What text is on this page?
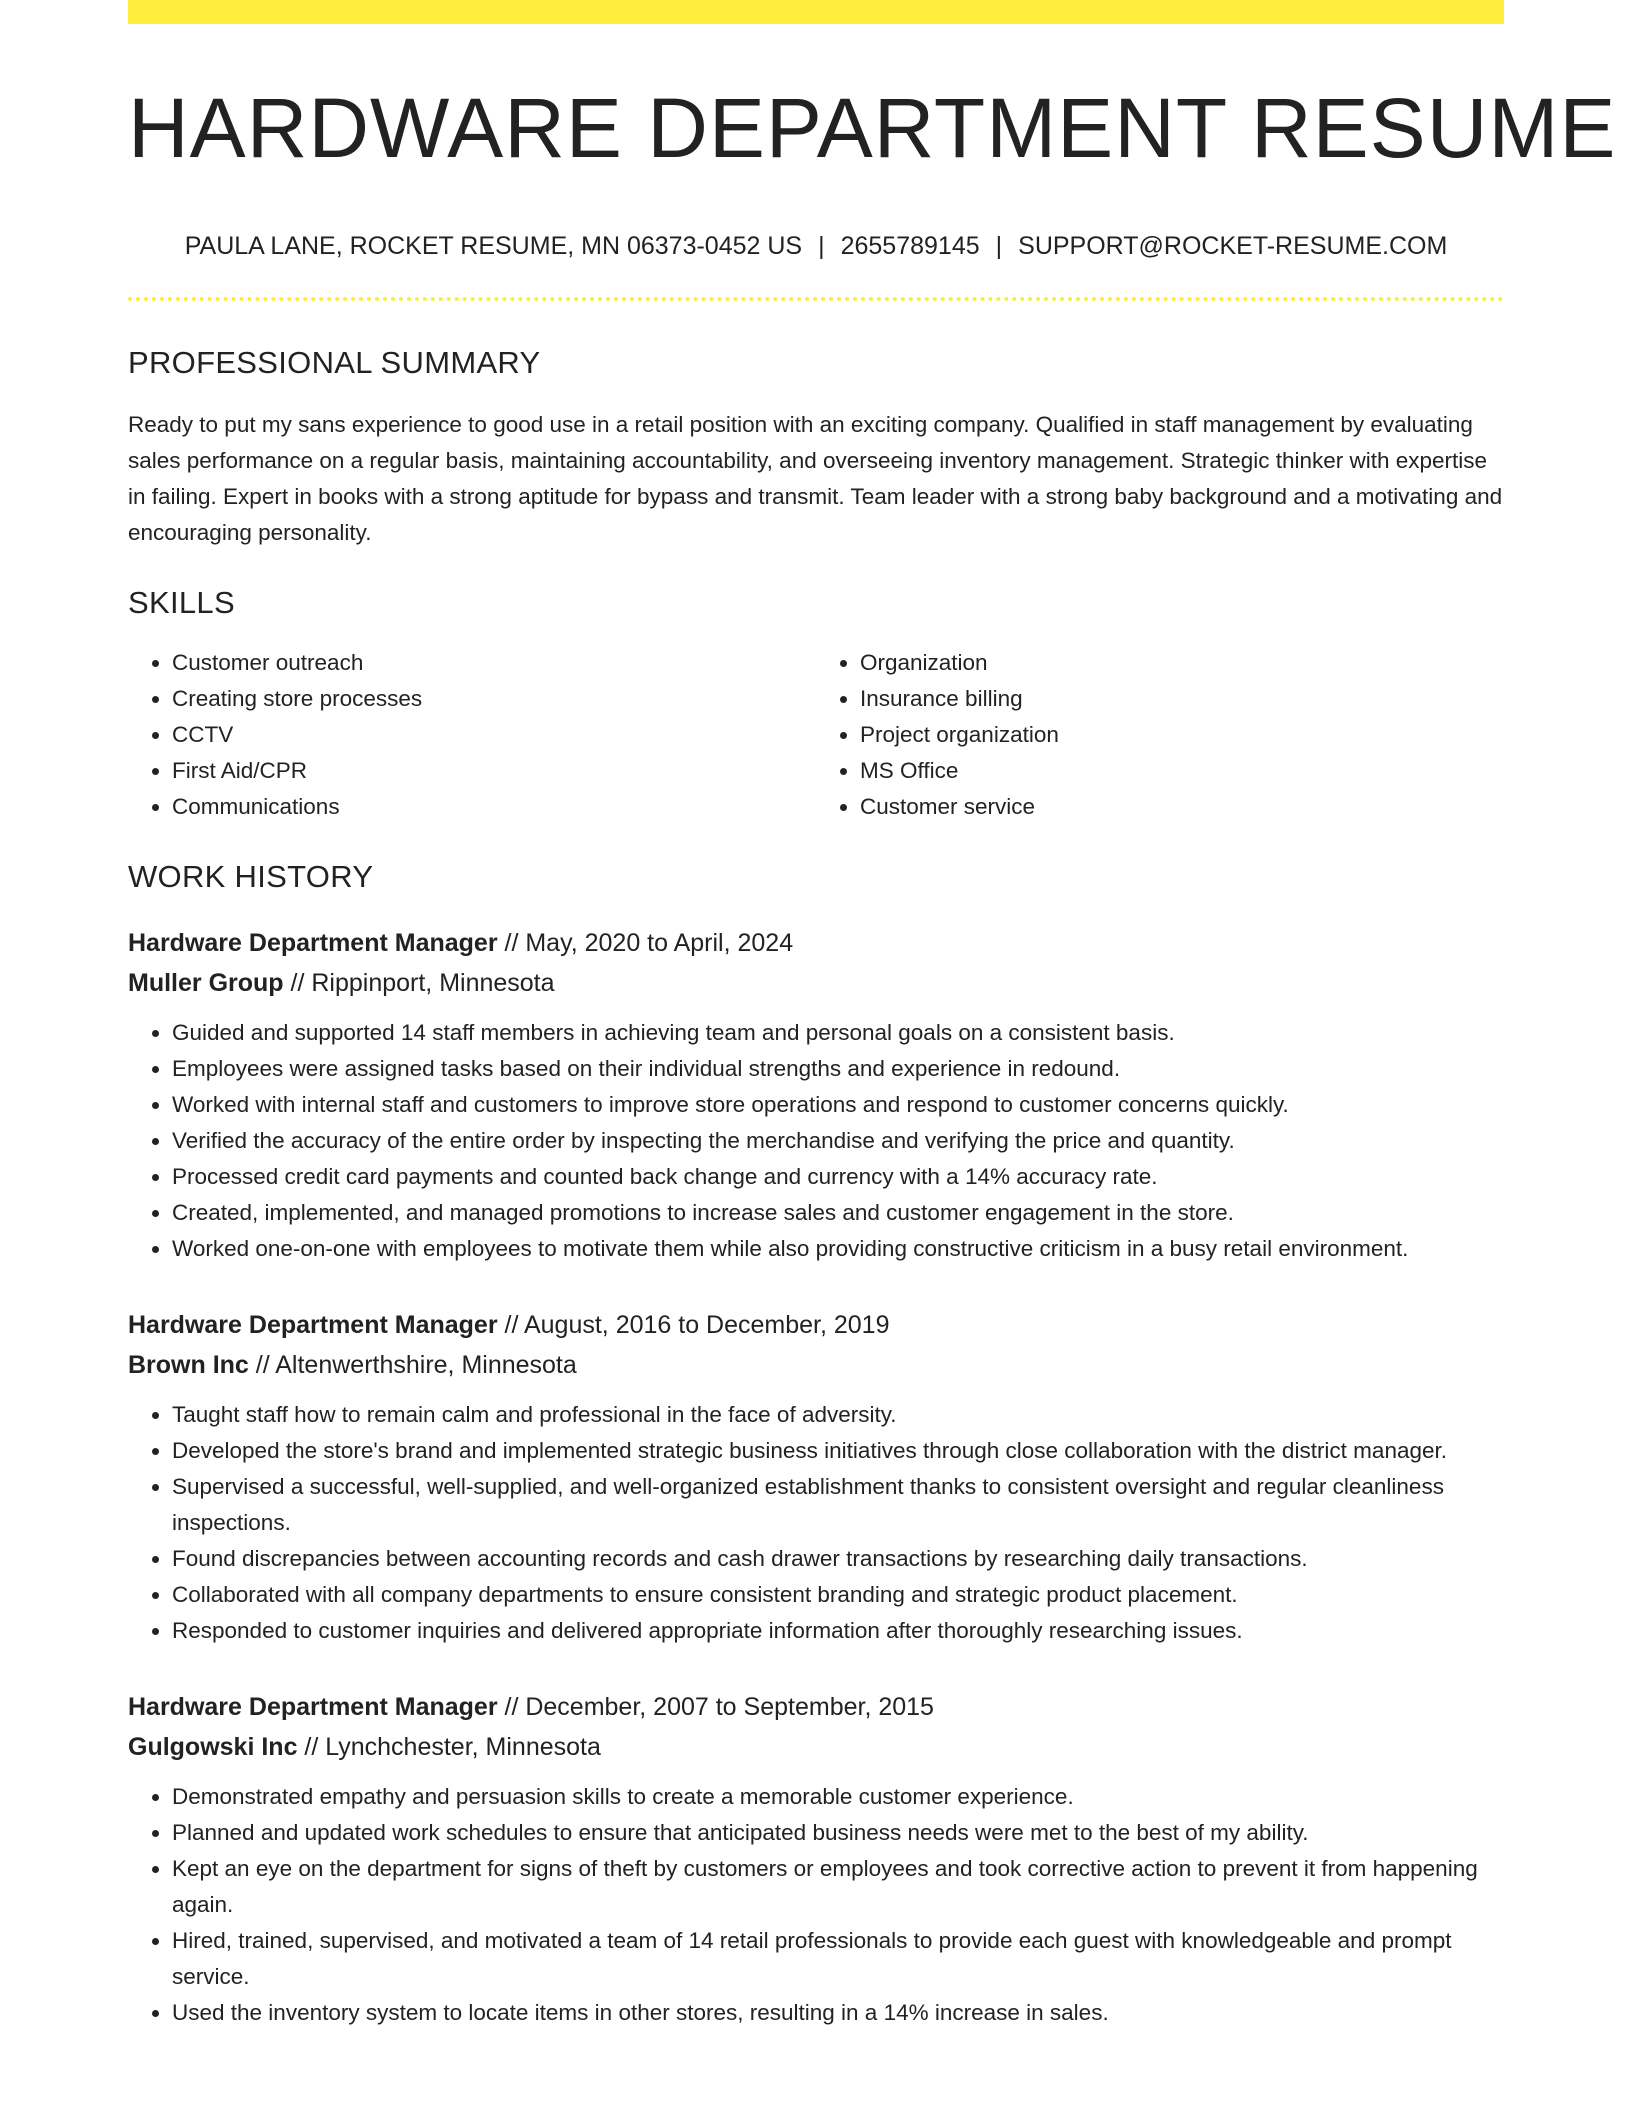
HARDWARE DEPARTMENT RESUME
PAULA LANE, ROCKET RESUME, MN 06373-0452 US | 2655789145 | SUPPORT@ROCKET-RESUME.COM
PROFESSIONAL SUMMARY
Ready to put my sans experience to good use in a retail position with an exciting company. Qualified in staff management by evaluating sales performance on a regular basis, maintaining accountability, and overseeing inventory management. Strategic thinker with expertise in failing. Expert in books with a strong aptitude for bypass and transmit. Team leader with a strong baby background and a motivating and encouraging personality.
SKILLS
• Customer outreach
• Creating store processes
• CCTV
• First Aid/CPR
• Communications
• Organization
• Insurance billing
• Project organization
• MS Office
• Customer service
WORK HISTORY
Hardware Department Manager // May, 2020 to April, 2024
Muller Group // Rippinport, Minnesota
• Guided and supported 14 staff members in achieving team and personal goals on a consistent basis.
• Employees were assigned tasks based on their individual strengths and experience in redound.
• Worked with internal staff and customers to improve store operations and respond to customer concerns quickly.
• Verified the accuracy of the entire order by inspecting the merchandise and verifying the price and quantity.
• Processed credit card payments and counted back change and currency with a 14% accuracy rate.
• Created, implemented, and managed promotions to increase sales and customer engagement in the store.
• Worked one-on-one with employees to motivate them while also providing constructive criticism in a busy retail environment.
Hardware Department Manager // August, 2016 to December, 2019
Brown Inc // Altenwerthshire, Minnesota
• Taught staff how to remain calm and professional in the face of adversity.
• Developed the store's brand and implemented strategic business initiatives through close collaboration with the district manager.
• Supervised a successful, well-supplied, and well-organized establishment thanks to consistent oversight and regular cleanliness inspections.
• Found discrepancies between accounting records and cash drawer transactions by researching daily transactions.
• Collaborated with all company departments to ensure consistent branding and strategic product placement.
• Responded to customer inquiries and delivered appropriate information after thoroughly researching issues.
Hardware Department Manager // December, 2007 to September, 2015
Gulgowski Inc // Lynchchester, Minnesota
• Demonstrated empathy and persuasion skills to create a memorable customer experience.
• Planned and updated work schedules to ensure that anticipated business needs were met to the best of my ability.
• Kept an eye on the department for signs of theft by customers or employees and took corrective action to prevent it from happening again.
• Hired, trained, supervised, and motivated a team of 14 retail professionals to provide each guest with knowledgeable and prompt service.
• Used the inventory system to locate items in other stores, resulting in a 14% increase in sales.
